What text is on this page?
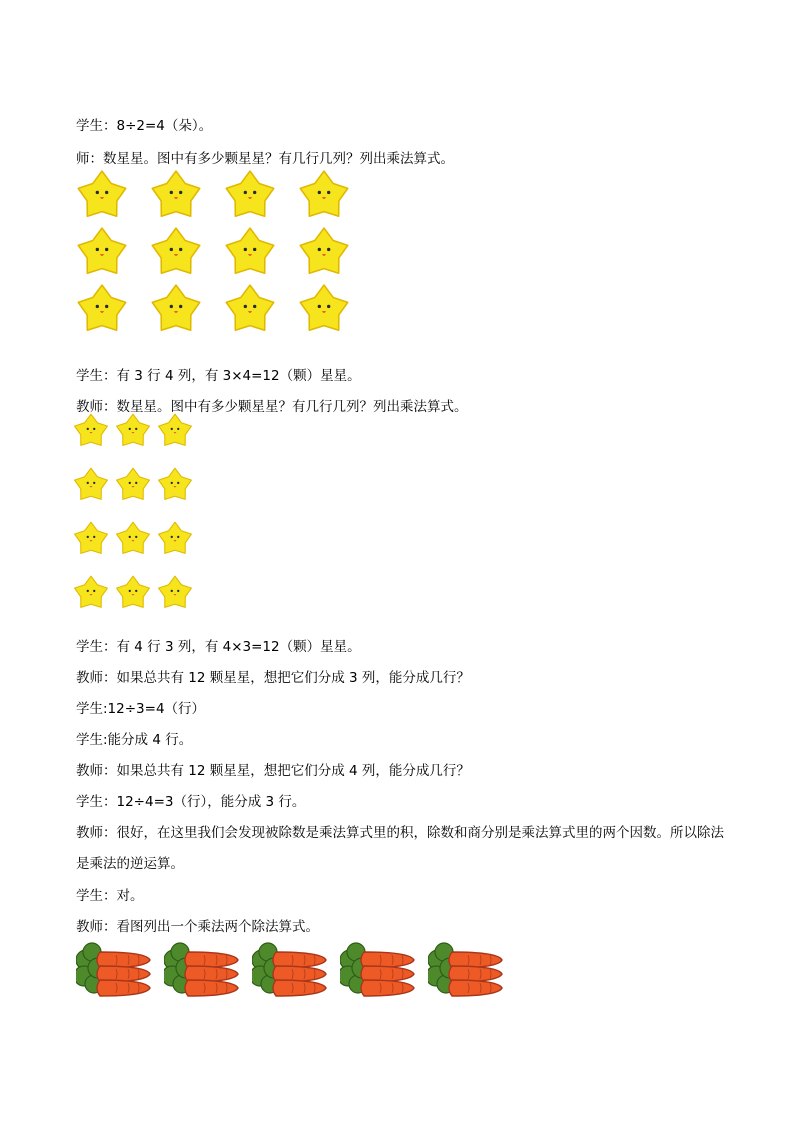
学生：8÷2=4（朵）。

师：数星星。图中有多少颗星星？有几行几列？列出乘法算式。

学生：有 3 行 4 列，有 3×4=12（颗）星星。

教师：数星星。图中有多少颗星星？有几行几列？列出乘法算式。

学生：有 4 行 3 列，有 4×3=12（颗）星星。

教师：如果总共有 12 颗星星，想把它们分成 3 列，能分成几行？

学生:12÷3=4（行）

学生:能分成 4 行。

教师：如果总共有 12 颗星星，想把它们分成 4 列，能分成几行？

学生：12÷4=3（行），能分成 3 行。

教师：很好，在这里我们会发现被除数是乘法算式里的积，除数和商分别是乘法算式里的两个因数。所以除法是乘法的逆运算。

学生：对。

教师：看图列出一个乘法两个除法算式。
